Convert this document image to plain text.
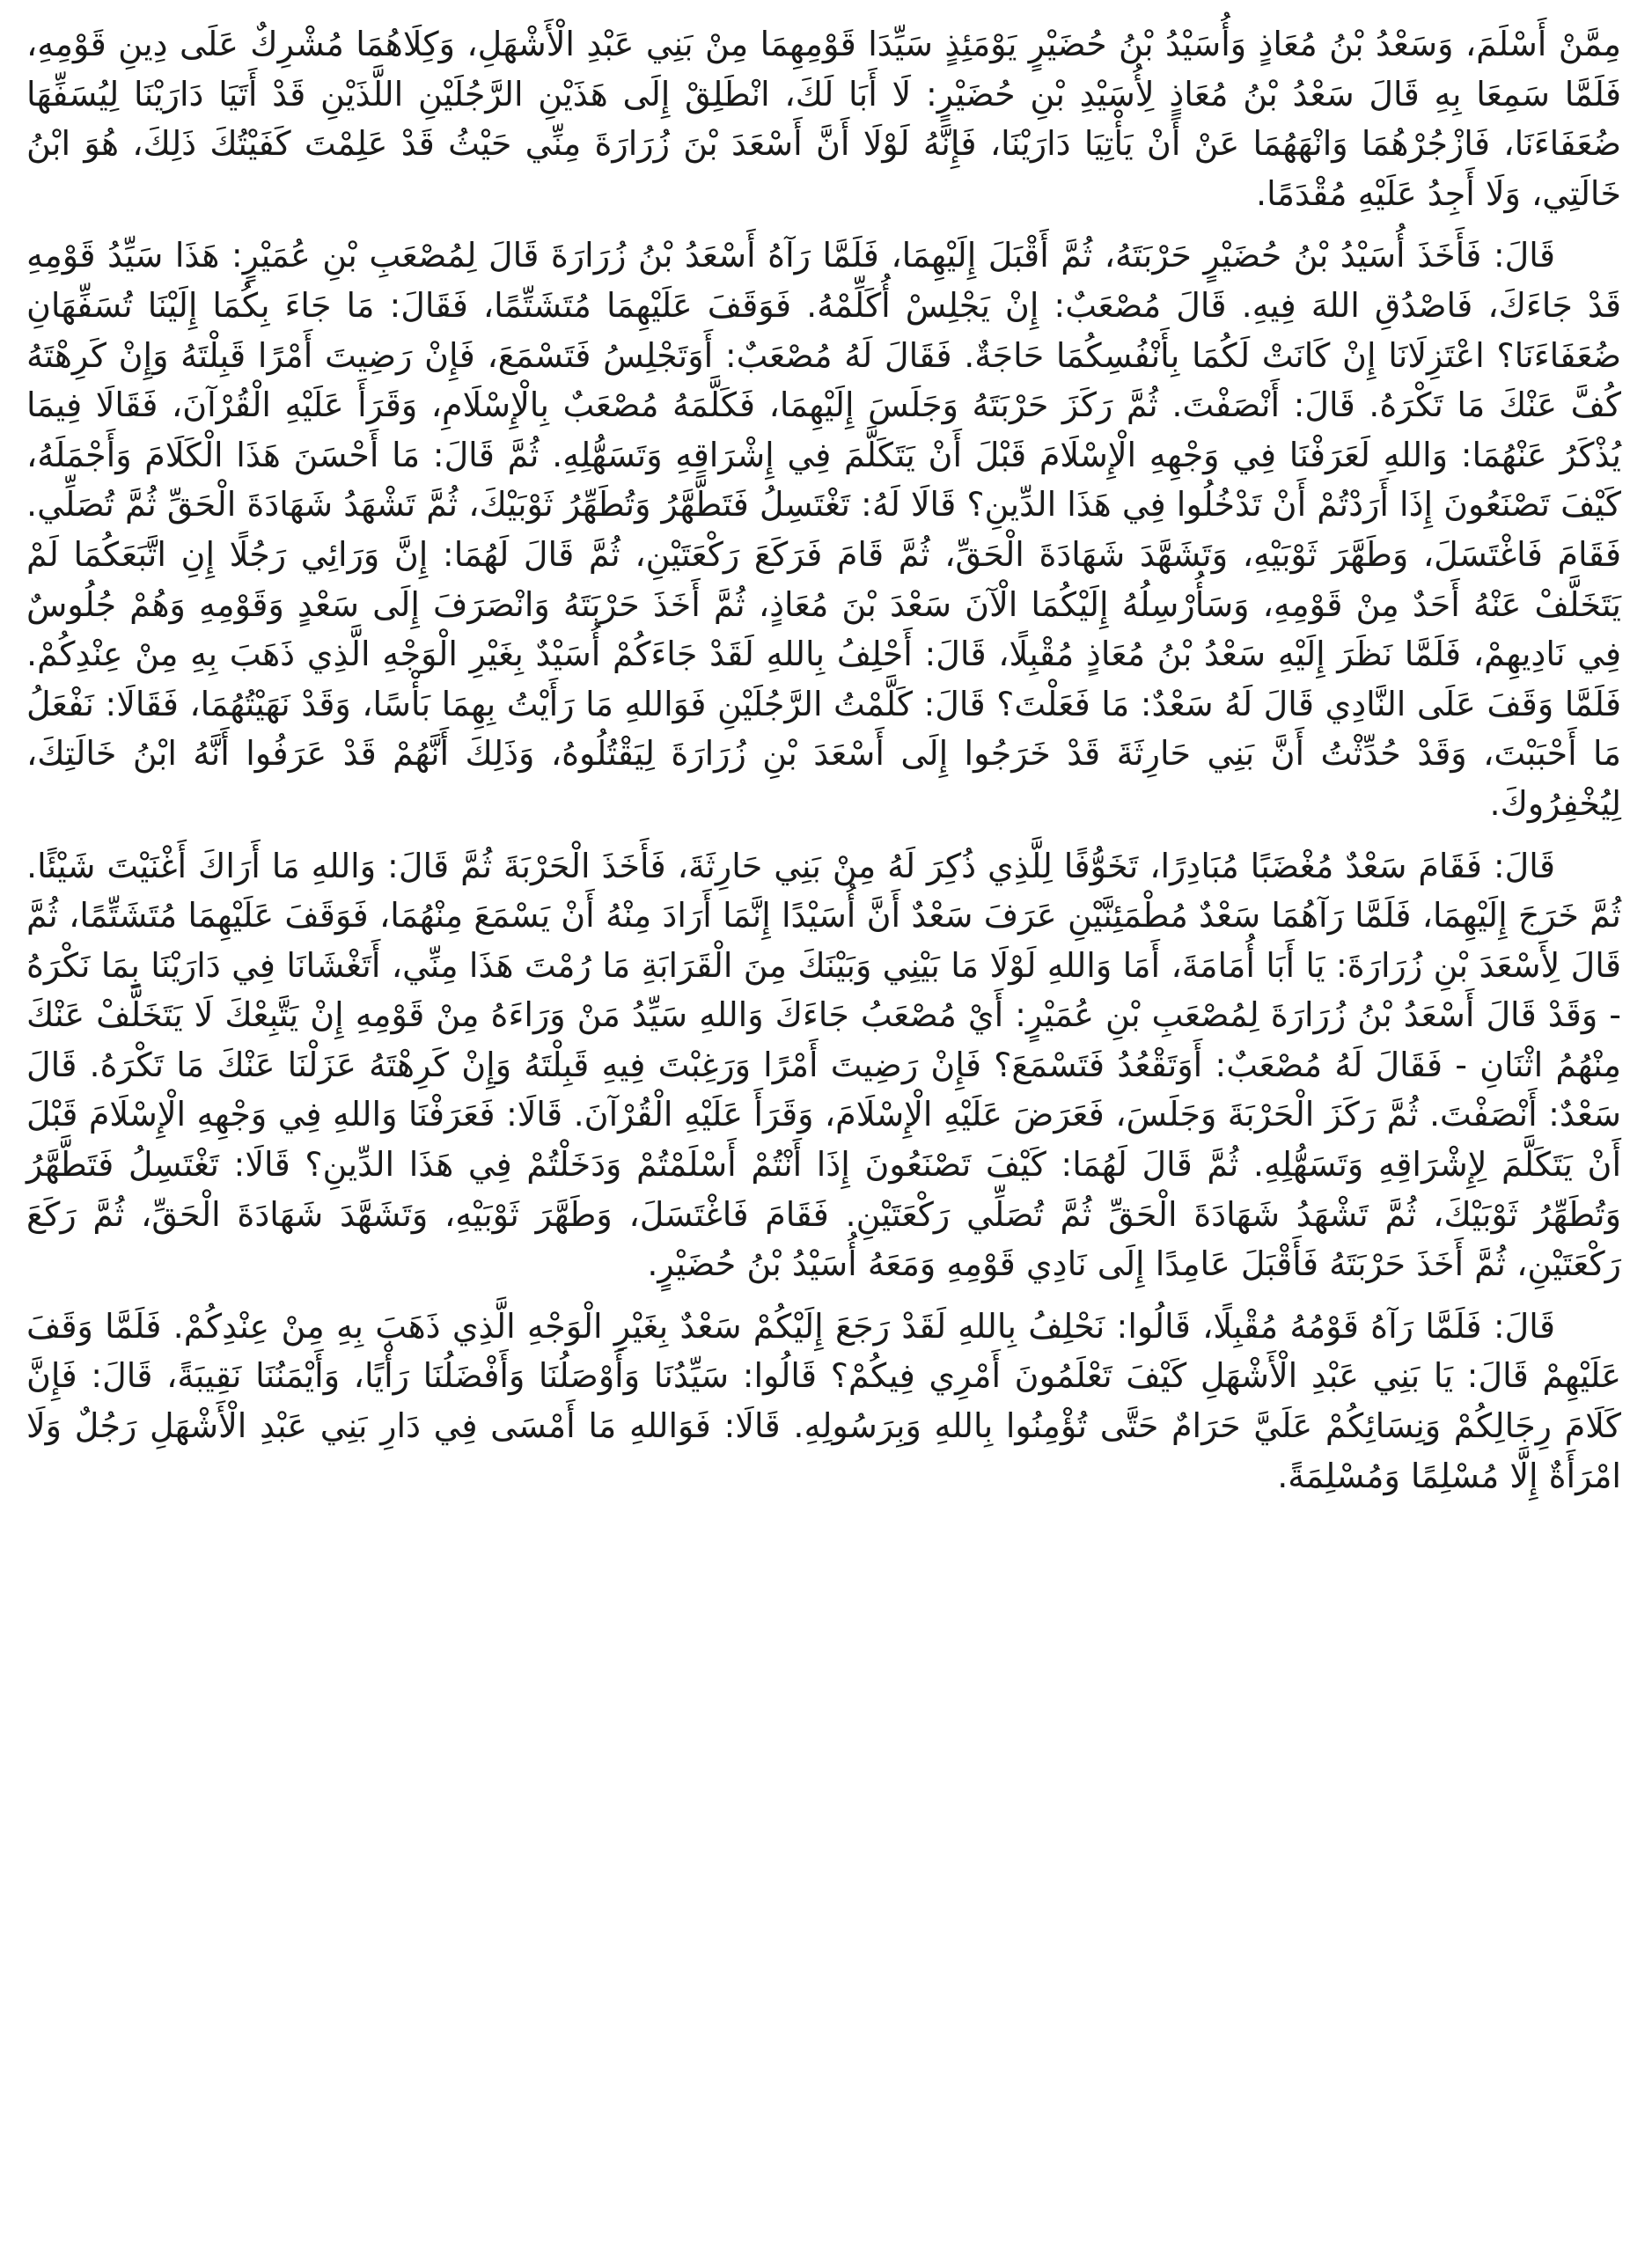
مِمَّنْ أَسْلَمَ، وَسَعْدُ بْنُ مُعَاذٍ وَأُسَيْدُ بْنُ حُضَيْرٍ يَوْمَئِذٍ سَيِّدَا قَوْمِهِمَا مِنْ بَنِي عَبْدِ الْأَشْهَلِ، وَكِلَاهُمَا مُشْرِكٌ عَلَى دِينِ قَوْمِهِ، فَلَمَّا سَمِعَا بِهِ قَالَ سَعْدُ بْنُ مُعَاذٍ لِأُسَيْدِ بْنِ حُضَيْرٍ: لَا أَبَا لَكَ، انْطَلِقْ إِلَى هَذَيْنِ الرَّجُلَيْنِ اللَّذَيْنِ قَدْ أَتَيَا دَارَيْنَا لِيُسَفِّهَا ضُعَفَاءَنَا، فَازْجُرْهُمَا وَانْهَهُمَا عَنْ أَنْ يَأْتِيَا دَارَيْنَا، فَإِنَّهُ لَوْلَا أَنَّ أَسْعَدَ بْنَ زُرَارَةَ مِنِّي حَيْثُ قَدْ عَلِمْتَ كَفَيْتُكَ ذَلِكَ، هُوَ ابْنُ خَالَتِي، وَلَا أَجِدُ عَلَيْهِ مُقْدَمًا.

قَالَ: فَأَخَذَ أُسَيْدُ بْنُ حُضَيْرٍ حَرْبَتَهُ، ثُمَّ أَقْبَلَ إِلَيْهِمَا، فَلَمَّا رَآهُ أَسْعَدُ بْنُ زُرَارَةَ قَالَ لِمُصْعَبِ بْنِ عُمَيْرٍ: هَذَا سَيِّدُ قَوْمِهِ قَدْ جَاءَكَ، فَاصْدُقِ اللهَ فِيهِ. قَالَ مُصْعَبٌ: إِنْ يَجْلِسْ أُكَلِّمْهُ. فَوَقَفَ عَلَيْهِمَا مُتَشَتِّمًا، فَقَالَ: مَا جَاءَ بِكُمَا إِلَيْنَا تُسَفِّهَانِ ضُعَفَاءَنَا؟ اعْتَزِلَانَا إِنْ كَانَتْ لَكُمَا بِأَنْفُسِكُمَا حَاجَةٌ. فَقَالَ لَهُ مُصْعَبٌ: أَوَتَجْلِسُ فَتَسْمَعَ، فَإِنْ رَضِيتَ أَمْرًا قَبِلْتَهُ وَإِنْ كَرِهْتَهُ كُفَّ عَنْكَ مَا تَكْرَهُ. قَالَ: أَنْصَفْتَ. ثُمَّ رَكَزَ حَرْبَتَهُ وَجَلَسَ إِلَيْهِمَا، فَكَلَّمَهُ مُصْعَبٌ بِالْإِسْلَامِ، وَقَرَأَ عَلَيْهِ الْقُرْآنَ، فَقَالَا فِيمَا يُذْكَرُ عَنْهُمَا: وَاللهِ لَعَرَفْنَا فِي وَجْهِهِ الْإِسْلَامَ قَبْلَ أَنْ يَتَكَلَّمَ فِي إِشْرَاقِهِ وَتَسَهُّلِهِ. ثُمَّ قَالَ: مَا أَحْسَنَ هَذَا الْكَلَامَ وَأَجْمَلَهُ، كَيْفَ تَصْنَعُونَ إِذَا أَرَدْتُمْ أَنْ تَدْخُلُوا فِي هَذَا الدِّينِ؟ قَالَا لَهُ: تَغْتَسِلُ فَتَطَّهَّرُ وَتُطَهِّرُ ثَوْبَيْكَ، ثُمَّ تَشْهَدُ شَهَادَةَ الْحَقِّ ثُمَّ تُصَلِّي. فَقَامَ فَاغْتَسَلَ، وَطَهَّرَ ثَوْبَيْهِ، وَتَشَهَّدَ شَهَادَةَ الْحَقِّ، ثُمَّ قَامَ فَرَكَعَ رَكْعَتَيْنِ، ثُمَّ قَالَ لَهُمَا: إِنَّ وَرَائِي رَجُلًا إِنِ اتَّبَعَكُمَا لَمْ يَتَخَلَّفْ عَنْهُ أَحَدٌ مِنْ قَوْمِهِ، وَسَأُرْسِلُهُ إِلَيْكُمَا الْآنَ سَعْدَ بْنَ مُعَاذٍ، ثُمَّ أَخَذَ حَرْبَتَهُ وَانْصَرَفَ إِلَى سَعْدٍ وَقَوْمِهِ وَهُمْ جُلُوسٌ فِي نَادِيهِمْ، فَلَمَّا نَظَرَ إِلَيْهِ سَعْدُ بْنُ مُعَاذٍ مُقْبِلًا، قَالَ: أَحْلِفُ بِاللهِ لَقَدْ جَاءَكُمْ أُسَيْدٌ بِغَيْرِ الْوَجْهِ الَّذِي ذَهَبَ بِهِ مِنْ عِنْدِكُمْ. فَلَمَّا وَقَفَ عَلَى النَّادِي قَالَ لَهُ سَعْدٌ: مَا فَعَلْتَ؟ قَالَ: كَلَّمْتُ الرَّجُلَيْنِ فَوَاللهِ مَا رَأَيْتُ بِهِمَا بَأْسًا، وَقَدْ نَهَيْتُهُمَا، فَقَالَا: نَفْعَلُ مَا أَحْبَبْتَ، وَقَدْ حُدِّثْتُ أَنَّ بَنِي حَارِثَةَ قَدْ خَرَجُوا إِلَى أَسْعَدَ بْنِ زُرَارَةَ لِيَقْتُلُوهُ، وَذَلِكَ أَنَّهُمْ قَدْ عَرَفُوا أَنَّهُ ابْنُ خَالَتِكَ، لِيُخْفِرُوكَ.

قَالَ: فَقَامَ سَعْدٌ مُغْضَبًا مُبَادِرًا، تَخَوُّفًا لِلَّذِي ذُكِرَ لَهُ مِنْ بَنِي حَارِثَةَ، فَأَخَذَ الْحَرْبَةَ ثُمَّ قَالَ: وَاللهِ مَا أَرَاكَ أَغْنَيْتَ شَيْئًا. ثُمَّ خَرَجَ إِلَيْهِمَا، فَلَمَّا رَآهُمَا سَعْدٌ مُطْمَئِنَّيْنِ عَرَفَ سَعْدٌ أَنَّ أُسَيْدًا إِنَّمَا أَرَادَ مِنْهُ أَنْ يَسْمَعَ مِنْهُمَا، فَوَقَفَ عَلَيْهِمَا مُتَشَتِّمًا، ثُمَّ قَالَ لِأَسْعَدَ بْنِ زُرَارَةَ: يَا أَبَا أُمَامَةَ، أَمَا وَاللهِ لَوْلَا مَا بَيْنِي وَبَيْنَكَ مِنَ الْقَرَابَةِ مَا رُمْتَ هَذَا مِنِّي، أَتَغْشَانَا فِي دَارَيْنَا بِمَا نَكْرَهُ - وَقَدْ قَالَ أَسْعَدُ بْنُ زُرَارَةَ لِمُصْعَبِ بْنِ عُمَيْرٍ: أَيْ مُصْعَبُ جَاءَكَ وَاللهِ سَيِّدُ مَنْ وَرَاءَهُ مِنْ قَوْمِهِ إِنْ يَتَّبِعْكَ لَا يَتَخَلَّفْ عَنْكَ مِنْهُمُ اثْنَانِ - فَقَالَ لَهُ مُصْعَبٌ: أَوَتَقْعُدُ فَتَسْمَعَ؟ فَإِنْ رَضِيتَ أَمْرًا وَرَغِبْتَ فِيهِ قَبِلْتَهُ وَإِنْ كَرِهْتَهُ عَزَلْنَا عَنْكَ مَا تَكْرَهُ. قَالَ سَعْدٌ: أَنْصَفْتَ. ثُمَّ رَكَزَ الْحَرْبَةَ وَجَلَسَ، فَعَرَضَ عَلَيْهِ الْإِسْلَامَ، وَقَرَأَ عَلَيْهِ الْقُرْآنَ. قَالَا: فَعَرَفْنَا وَاللهِ فِي وَجْهِهِ الْإِسْلَامَ قَبْلَ أَنْ يَتَكَلَّمَ لِإِشْرَاقِهِ وَتَسَهُّلِهِ. ثُمَّ قَالَ لَهُمَا: كَيْفَ تَصْنَعُونَ إِذَا أَنْتُمْ أَسْلَمْتُمْ وَدَخَلْتُمْ فِي هَذَا الدِّينِ؟ قَالَا: تَغْتَسِلُ فَتَطَّهَّرُ وَتُطَهِّرُ ثَوْبَيْكَ، ثُمَّ تَشْهَدُ شَهَادَةَ الْحَقِّ ثُمَّ تُصَلِّي رَكْعَتَيْنِ. فَقَامَ فَاغْتَسَلَ، وَطَهَّرَ ثَوْبَيْهِ، وَتَشَهَّدَ شَهَادَةَ الْحَقِّ، ثُمَّ رَكَعَ رَكْعَتَيْنِ، ثُمَّ أَخَذَ حَرْبَتَهُ فَأَقْبَلَ عَامِدًا إِلَى نَادِي قَوْمِهِ وَمَعَهُ أُسَيْدُ بْنُ حُضَيْرٍ.

قَالَ: فَلَمَّا رَآهُ قَوْمُهُ مُقْبِلًا، قَالُوا: نَحْلِفُ بِاللهِ لَقَدْ رَجَعَ إِلَيْكُمْ سَعْدٌ بِغَيْرِ الْوَجْهِ الَّذِي ذَهَبَ بِهِ مِنْ عِنْدِكُمْ. فَلَمَّا وَقَفَ عَلَيْهِمْ قَالَ: يَا بَنِي عَبْدِ الْأَشْهَلِ كَيْفَ تَعْلَمُونَ أَمْرِي فِيكُمْ؟ قَالُوا: سَيِّدُنَا وَأَوْصَلُنَا وَأَفْضَلُنَا رَأْيًا، وَأَيْمَنُنَا نَقِيبَةً، قَالَ: فَإِنَّ كَلَامَ رِجَالِكُمْ وَنِسَائِكُمْ عَلَيَّ حَرَامٌ حَتَّى تُؤْمِنُوا بِاللهِ وَبِرَسُولِهِ. قَالَا: فَوَاللهِ مَا أَمْسَى فِي دَارِ بَنِي عَبْدِ الْأَشْهَلِ رَجُلٌ وَلَا امْرَأَةٌ إِلَّا مُسْلِمًا وَمُسْلِمَةً.
